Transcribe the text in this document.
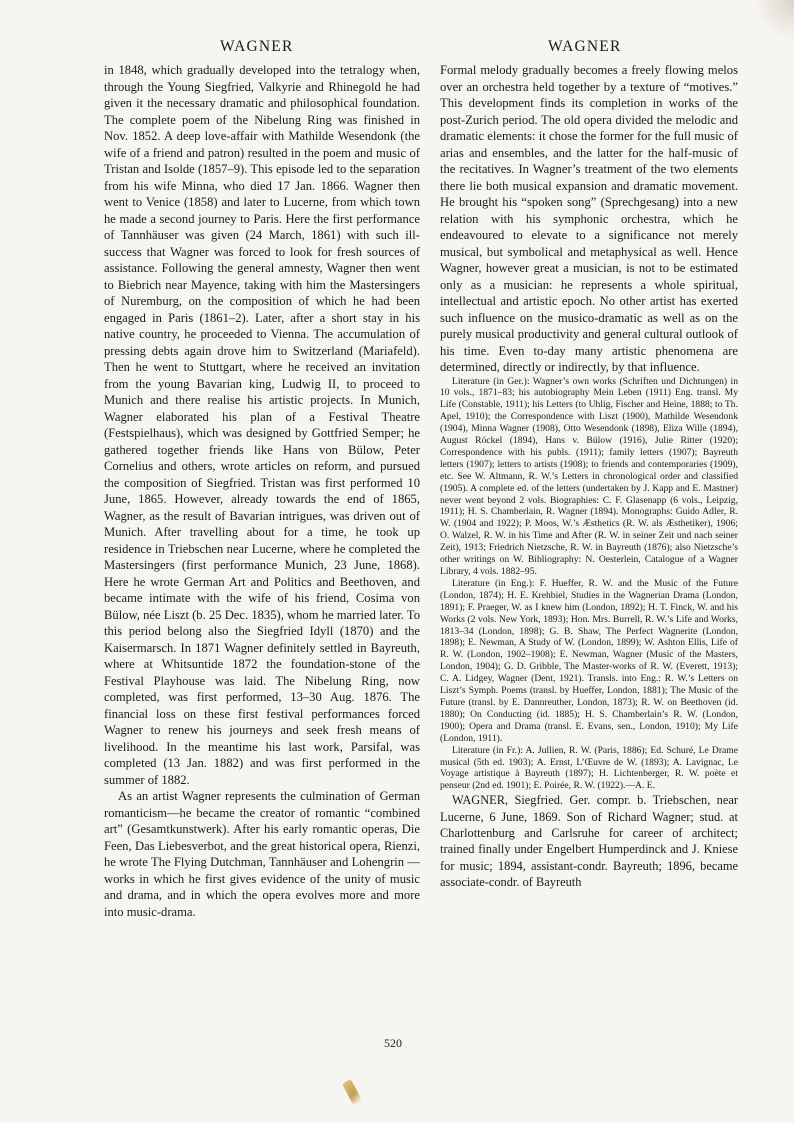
WAGNER	WAGNER

in 1848, which gradually developed into the tetralogy when, through the Young Siegfried, Valkyrie and Rhinegold he had given it the necessary dramatic and philosophical foundation. The complete poem of the Nibelung Ring was finished in Nov. 1852. A deep love-affair with Mathilde Wesendonk (the wife of a friend and patron) resulted in the poem and music of Tristan and Isolde (1857–9). This episode led to the separation from his wife Minna, who died 17 Jan. 1866. Wagner then went to Venice (1858) and later to Lucerne, from which town he made a second journey to Paris. Here the first performance of Tannhäuser was given (24 March, 1861) with such ill-success that Wagner was forced to look for fresh sources of assistance. Following the general amnesty, Wagner then went to Biebrich near Mayence, taking with him the Mastersingers of Nuremburg, on the composition of which he had been engaged in Paris (1861–2). Later, after a short stay in his native country, he proceeded to Vienna. The accumulation of pressing debts again drove him to Switzerland (Mariafeld). Then he went to Stuttgart, where he received an invitation from the young Bavarian king, Ludwig II, to proceed to Munich and there realise his artistic projects. In Munich, Wagner elaborated his plan of a Festival Theatre (Festspielhaus), which was designed by Gottfried Semper; he gathered together friends like Hans von Bülow, Peter Cornelius and others, wrote articles on reform, and pursued the composition of Siegfried. Tristan was first performed 10 June, 1865. However, already towards the end of 1865, Wagner, as the result of Bavarian intrigues, was driven out of Munich. After travelling about for a time, he took up residence in Triebschen near Lucerne, where he completed the Mastersingers (first performance Munich, 23 June, 1868). Here he wrote German Art and Politics and Beethoven, and became intimate with the wife of his friend, Cosima von Bülow, née Liszt (b. 25 Dec. 1835), whom he married later. To this period belong also the Siegfried Idyll (1870) and the Kaisermarsch. In 1871 Wagner definitely settled in Bayreuth, where at Whitsuntide 1872 the foundation-stone of the Festival Playhouse was laid. The Nibelung Ring, now completed, was first performed, 13–30 Aug. 1876. The financial loss on these first festival performances forced Wagner to renew his journeys and seek fresh means of livelihood. In the meantime his last work, Parsifal, was completed (13 Jan. 1882) and was first performed in the summer of 1882.

As an artist Wagner represents the culmination of German romanticism—he became the creator of romantic “combined art” (Gesamtkunstwerk). After his early romantic operas, Die Feen, Das Liebesverbot, and the great historical opera, Rienzi, he wrote The Flying Dutchman, Tannhäuser and Lohengrin — works in which he first gives evidence of the unity of music and drama, and in which the opera evolves more and more into music-drama.

Formal melody gradually becomes a freely flowing melos over an orchestra held together by a texture of “motives.” This development finds its completion in works of the post-Zurich period. The old opera divided the melodic and dramatic elements: it chose the former for the full music of arias and ensembles, and the latter for the half-music of the recitatives. In Wagner’s treatment of the two elements there lie both musical expansion and dramatic movement. He brought his “spoken song” (Sprechgesang) into a new relation with his symphonic orchestra, which he endeavoured to elevate to a significance not merely musical, but symbolical and metaphysical as well. Hence Wagner, however great a musician, is not to be estimated only as a musician: he represents a whole spiritual, intellectual and artistic epoch. No other artist has exerted such influence on the musico-dramatic as well as on the purely musical productivity and general cultural outlook of his time. Even to-day many artistic phenomena are determined, directly or indirectly, by that influence.

Literature (in Ger.): Wagner’s own works (Schriften und Dichtungen) in 10 vols., 1871–83; his autobiography Mein Leben (1911) Eng. transl. My Life (Constable, 1911); his Letters (to Uhlig, Fischer and Heine, 1888; to Th. Apel, 1910); the Correspondence with Liszt (1900), Mathilde Wesendonk (1904), Minna Wagner (1908), Otto Wesendonk (1898), Eliza Wille (1894), August Röckel (1894), Hans v. Bülow (1916), Julie Ritter (1920); Correspondence with his publs. (1911); family letters (1907); Bayreuth letters (1907); letters to artists (1908); to friends and contemporaries (1909), etc. See W. Altmann, R. W.’s Letters in chronological order and classified (1905). A complete ed. of the letters (undertaken by J. Kapp and E. Mastner) never went beyond 2 vols. Biographies: C. F. Glasenapp (6 vols., Leipzig, 1911); H. S. Chamberlain, R. Wagner (1894). Monographs: Guido Adler, R. W. (1904 and 1922); P. Moos, W.’s Æsthetics (R. W. als Æsthetiker), 1906; O. Walzel, R. W. in his Time and After (R. W. in seiner Zeit und nach seiner Zeit), 1913; Friedrich Nietzsche, R. W. in Bayreuth (1876); also Nietzsche’s other writings on W. Bibliography: N. Oesterlein, Catalogue of a Wagner Library, 4 vols. 1882–95.

Literature (in Eng.): F. Hueffer, R. W. and the Music of the Future (London, 1874); H. E. Krehbiel, Studies in the Wagnerian Drama (London, 1891); F. Praeger, W. as I knew him (London, 1892); H. T. Finck, W. and his Works (2 vols. New York, 1893); Hon. Mrs. Burrell, R. W.’s Life and Works, 1813–34 (London, 1898); G. B. Shaw, The Perfect Wagnerite (London, 1898); E. Newman, A Study of W. (London, 1899); W. Ashton Ellis, Life of R. W. (London, 1902–1908); E. Newman, Wagner (Music of the Masters, London, 1904); G. D. Gribble, The Master-works of R. W. (Everett, 1913); C. A. Lidgey, Wagner (Dent, 1921). Transls. into Eng.: R. W.’s Letters on Liszt’s Symph. Poems (transl. by Hueffer, London, 1881); The Music of the Future (transl. by E. Dannreuther, London, 1873); R. W. on Beethoven (id. 1880); On Conducting (id. 1885); H. S. Chamberlain’s R. W. (London, 1900); Opera and Drama (transl. E. Evans, sen., London, 1910); My Life (London, 1911).

Literature (in Fr.): A. Jullien, R. W. (Paris, 1886); Ed. Schuré, Le Drame musical (5th ed. 1903); A. Ernst, L’Œuvre de W. (1893); A. Lavignac, Le Voyage artistique à Bayreuth (1897); H. Lichtenberger, R. W. poète et penseur (2nd ed. 1901); E. Poirée, R. W. (1922).—A. E.

WAGNER, Siegfried. Ger. compr. b. Triebschen, near Lucerne, 6 June, 1869. Son of Richard Wagner; stud. at Charlottenburg and Carlsruhe for career of architect; trained finally under Engelbert Humperdinck and J. Kniese for music; 1894, assistant-condr. Bayreuth; 1896, became associate-condr. of Bayreuth

520
